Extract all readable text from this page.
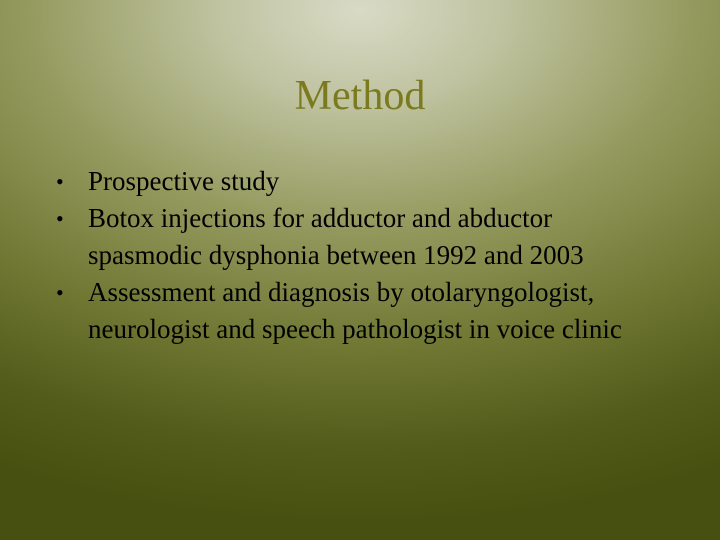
Method
• Prospective study
• Botox injections for adductor and abductor spasmodic dysphonia between 1992 and 2003
• Assessment and diagnosis by otolaryngologist, neurologist and speech pathologist in voice clinic
